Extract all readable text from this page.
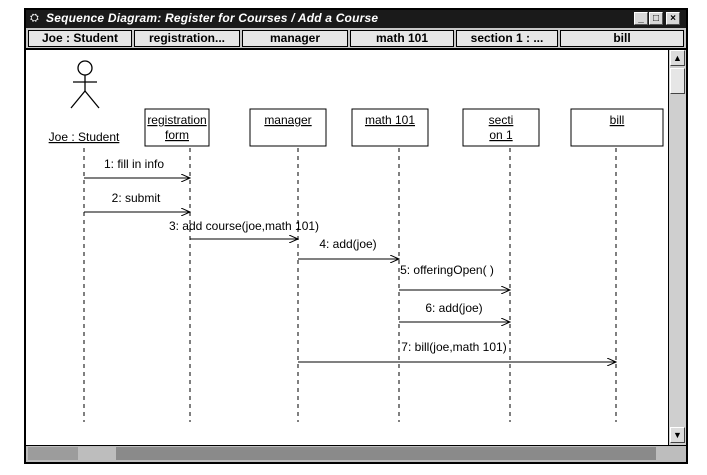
⛭ Sequence Diagram: Register for Courses / Add a Course	_ □	×
Joe : Student	registration...	manager	math 101	section 1 : ...	bill
Joe : Student
registration
form
manager	math 101	secti
on 1
bill
1: fill in info
2: submit
3: add course(joe,math 101)
4: add(joe)
5: offeringOpen( )
6: add(joe)
7: bill(joe,math 101)
▲
▼
